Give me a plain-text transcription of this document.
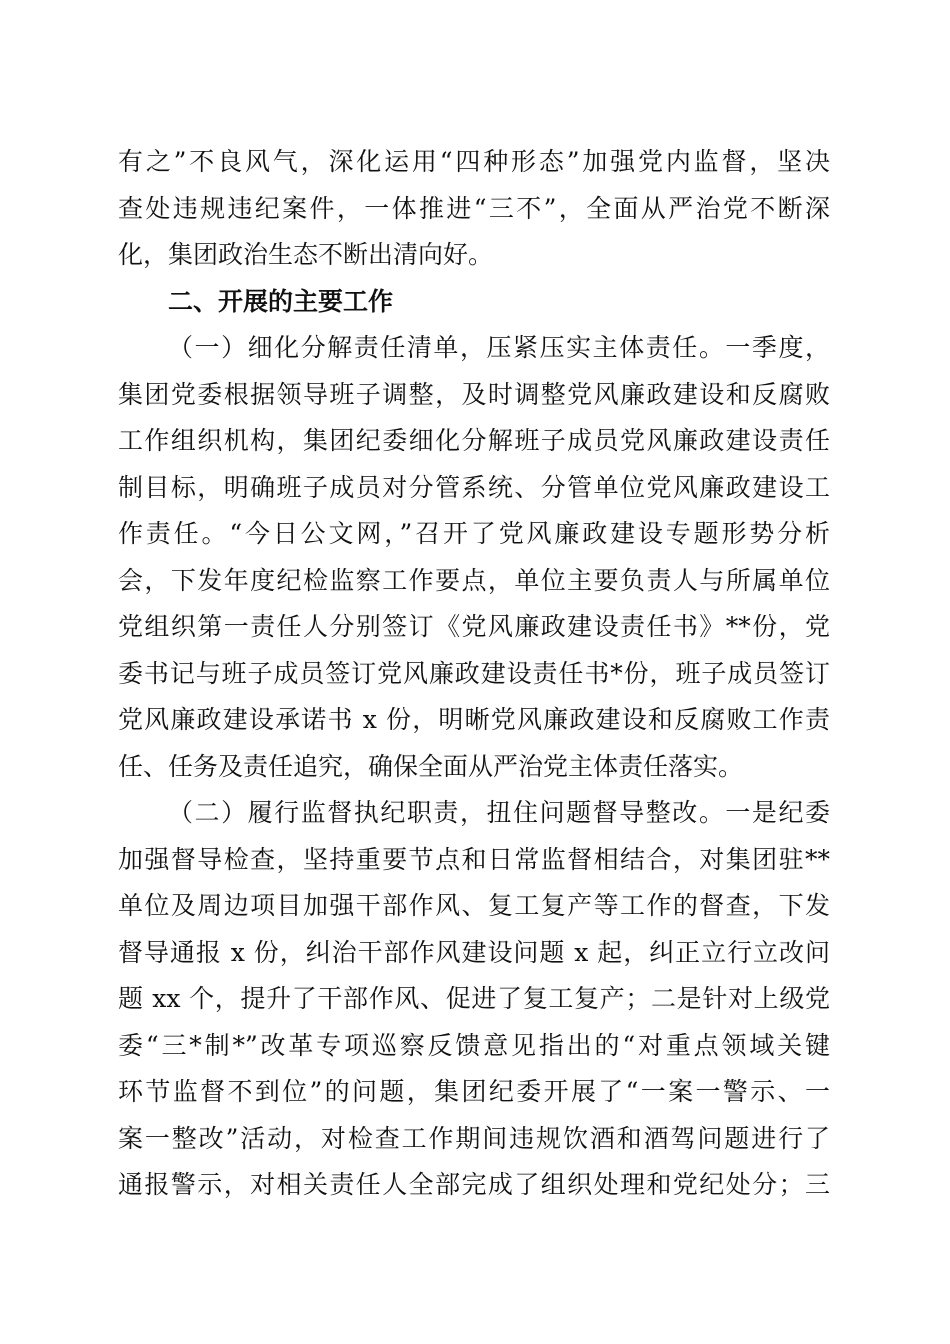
有之”不良风气，深化运用“四种形态”加强党内监督，坚决
查处违规违纪案件，一体推进“三不”，全面从严治党不断深
化，集团政治生态不断出清向好。
二、开展的主要工作
（一）细化分解责任清单，压紧压实主体责任。一季度，
集团党委根据领导班子调整，及时调整党风廉政建设和反腐败
工作组织机构，集团纪委细化分解班子成员党风廉政建设责任
制目标，明确班子成员对分管系统、分管单位党风廉政建设工
作责任。“今日公文网，”召开了党风廉政建设专题形势分析
会，下发年度纪检监察工作要点，单位主要负责人与所属单位
党组织第一责任人分别签订《党风廉政建设责任书》**份，党
委书记与班子成员签订党风廉政建设责任书*份，班子成员签订
党风廉政建设承诺书 x 份，明晰党风廉政建设和反腐败工作责
任、任务及责任追究，确保全面从严治党主体责任落实。
（二）履行监督执纪职责，扭住问题督导整改。一是纪委
加强督导检查，坚持重要节点和日常监督相结合，对集团驻**
单位及周边项目加强干部作风、复工复产等工作的督查，下发
督导通报 x 份，纠治干部作风建设问题 x 起，纠正立行立改问
题 xx 个，提升了干部作风、促进了复工复产；二是针对上级党
委“三*制*”改革专项巡察反馈意见指出的“对重点领域关键
环节监督不到位”的问题，集团纪委开展了“一案一警示、一
案一整改”活动，对检查工作期间违规饮酒和酒驾问题进行了
通报警示，对相关责任人全部完成了组织处理和党纪处分；三
